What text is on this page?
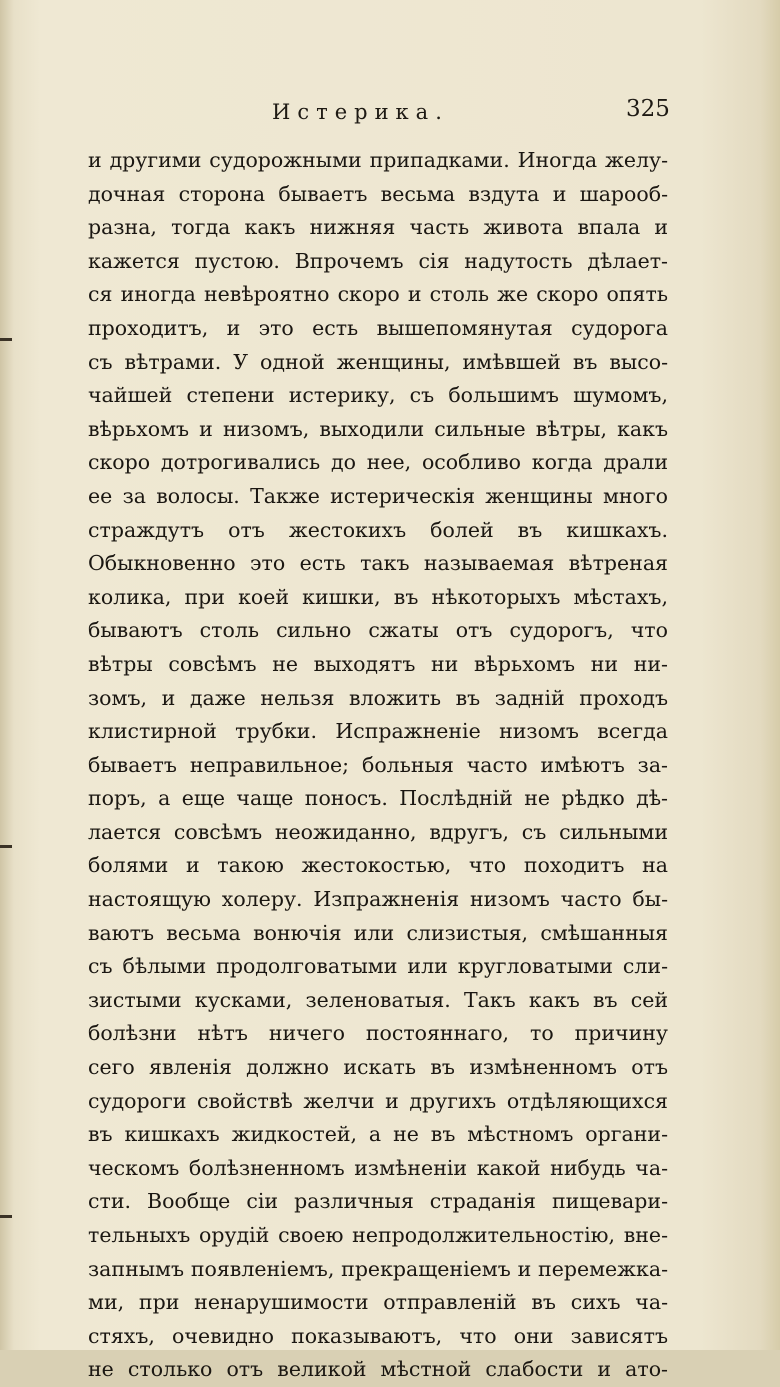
Истерика.	325
и другими судорожными припадками. Иногда желу-
дочная сторона бываетъ весьма вздута и шарооб-
разна, тогда какъ нижняя часть живота впала и
кажется пустою. Впрочемъ сія надутость дѣлает-
ся иногда невѣроятно скоро и столь же скоро опять
проходитъ, и это есть вышепомянутая судорога
съ вѣтрами. У одной женщины, имѣвшей въ высо-
чайшей степени истерику, съ большимъ шумомъ,
вѣрьхомъ и низомъ, выходили сильные вѣтры, какъ
скоро дотрогивались до нее, особливо когда драли
ее за волосы. Также истерическія женщины много
страждутъ отъ жестокихъ болей въ кишкахъ.
Обыкновенно это есть такъ называемая вѣтреная
колика, при коей кишки, въ нѣкоторыхъ мѣстахъ,
бываютъ столь сильно сжаты отъ судорогъ, что
вѣтры совсѣмъ не выходятъ ни вѣрьхомъ ни ни-
зомъ, и даже нельзя вложить въ заднiй проходъ
клистирной трубки. Испражненiе низомъ всегда
бываетъ неправильное; больныя часто имѣютъ за-
поръ, а еще чаще поносъ. Послѣднiй не рѣдко дѣ-
лается совсѣмъ неожиданно, вдругъ, съ сильными
болями и такою жестокостью, что походитъ на
настоящую холеру. Изпражненія низомъ часто бы-
ваютъ весьма вонючія или слизистыя, смѣшанныя
съ бѣлыми продолговатыми или кругловатыми сли-
зистыми кусками, зеленоватыя. Такъ какъ въ сей
болѣзни нѣтъ ничего постояннаго, то причину
сего явленія должно искать въ измѣненномъ отъ
судороги свойствѣ желчи и другихъ отдѣляющихся
въ кишкахъ жидкостей, а не въ мѣстномъ органи-
ческомъ болѣзненномъ измѣненiи какой нибудь ча-
сти. Вообще сіи различныя страданія пищевари-
тельныхъ орудій своею непродолжительностію, вне-
запнымъ появленіемъ, прекращеніемъ и перемежка-
ми, при ненарушимости отправленій въ сихъ ча-
стяхъ, очевидно показываютъ, что они зависятъ
не столько отъ великой мѣстной слабости и ато-
